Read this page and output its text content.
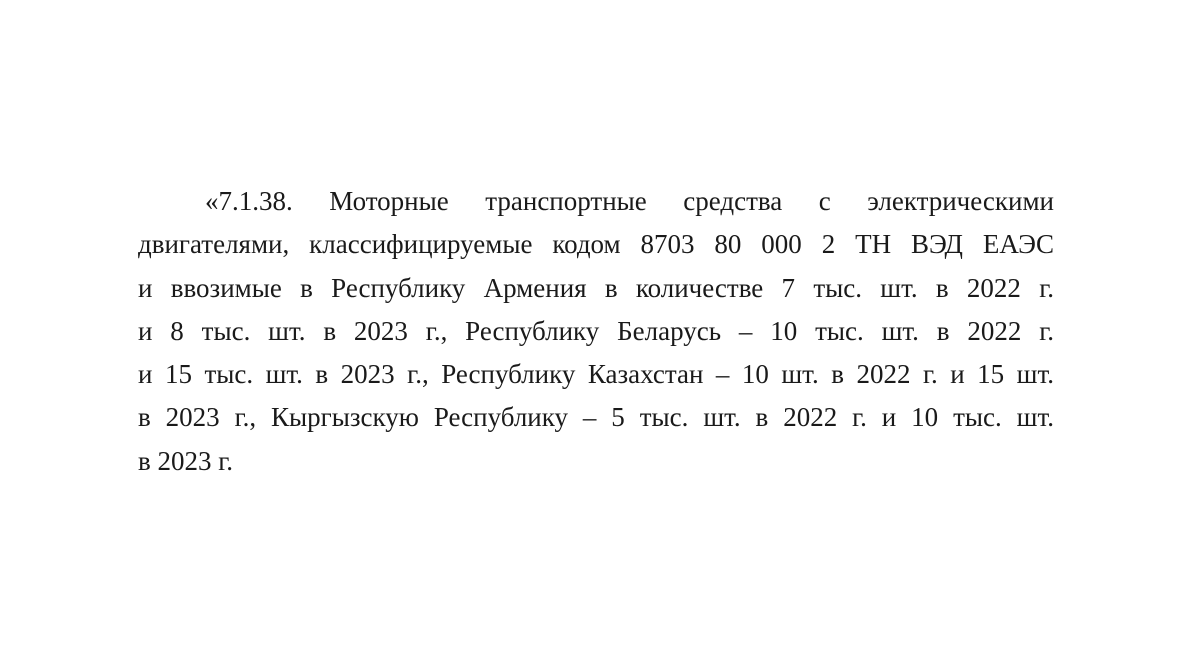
«7.1.38. Моторные транспортные средства с электрическими
двигателями, классифицируемые кодом 8703 80 000 2 ТН ВЭД ЕАЭС
и ввозимые в Республику Армения в количестве 7 тыс. шт. в 2022 г.
и 8 тыс. шт. в 2023 г., Республику Беларусь – 10 тыс. шт. в 2022 г.
и 15 тыс. шт. в 2023 г., Республику Казахстан – 10 шт. в 2022 г. и 15 шт.
в 2023 г., Кыргызскую Республику – 5 тыс. шт. в 2022 г. и 10 тыс. шт.
в 2023 г.
